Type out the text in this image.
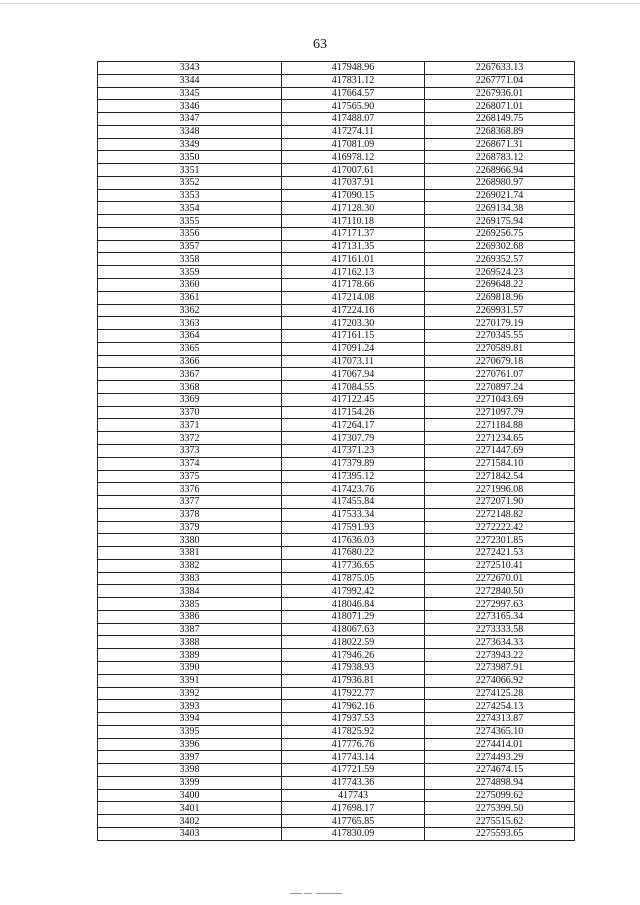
63
3343	417948.96	2267633.13
3344	417831.12	2267771.04
3345	417664.57	2267936.01
3346	417565.90	2268071.01
3347	417488.07	2268149.75
3348	417274.11	2268368.89
3349	417081.09	2268671.31
3350	416978.12	2268783.12
3351	417007.61	2268966.94
3352	417037.91	2268980.97
3353	417090.15	2269021.74
3354	417128.30	2269134.38
3355	417110.18	2269175.94
3356	417171.37	2269256.75
3357	417131.35	2269302.68
3358	417161.01	2269352.57
3359	417162.13	2269524.23
3360	417178.66	2269648.22
3361	417214.08	2269818.96
3362	417224.16	2269931.57
3363	417203.30	2270179.19
3364	417161.15	2270345.55
3365	417091.24	2270589.81
3366	417073.11	2270679.18
3367	417067.94	2270761.07
3368	417084.55	2270897.24
3369	417122.45	2271043.69
3370	417154.26	2271097.79
3371	417264.17	2271184.88
3372	417307.79	2271234.65
3373	417371.23	2271447.69
3374	417379.89	2271584.10
3375	417395.12	2271842.54
3376	417423.76	2271996.08
3377	417455.84	2272071.90
3378	417533.34	2272148.82
3379	417591.93	2272222.42
3380	417636.03	2272301.85
3381	417680.22	2272421.53
3382	417736.65	2272510.41
3383	417875.05	2272670.01
3384	417992.42	2272840.50
3385	418046.84	2272997.63
3386	418071.29	2273165.34
3387	418067.63	2273333.58
3388	418022.59	2273634.33
3389	417946.26	2273943.22
3390	417938.93	2273987.91
3391	417936.81	2274066.92
3392	417922.77	2274125.28
3393	417962.16	2274254.13
3394	417937.53	2274313.87
3395	417825.92	2274365.10
3396	417776.76	2274414.01
3397	417743.14	2274493.29
3398	417721.59	2274674.15
3399	417743.36	2274898.94
3400	417743	2275099.62
3401	417698.17	2275399.50
3402	417765.85	2275515.62
3403	417830.09	2275593.65
